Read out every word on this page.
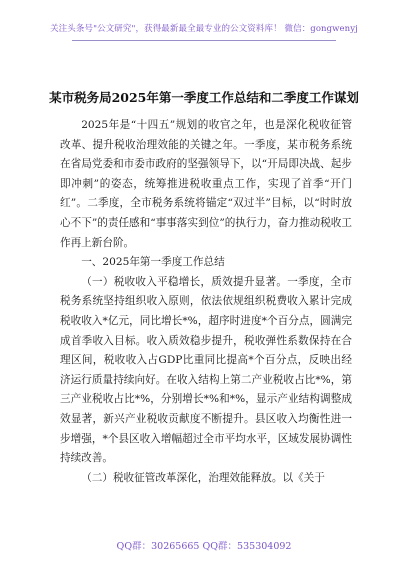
关注头条号"公文研究"，获得最新最全最专业的公文资料库！ 微信：gongwenyj
某市税务局2025年第一季度工作总结和二季度工作谋划

2025年是“十四五”规划的收官之年，也是深化税收征管改革、提升税收治理效能的关键之年。一季度，某市税务系统在省局党委和市委市政府的坚强领导下，以“开局即决战、起步即冲刺”的姿态，统筹推进税收重点工作，实现了首季“开门红”。二季度，全市税务系统将锚定“双过半”目标，以“时时放心不下”的责任感和“事事落实到位”的执行力，奋力推动税收工作再上新台阶。

一、2025年第一季度工作总结

（一）税收收入平稳增长，质效提升显著。一季度，全市税务系统坚持组织收入原则，依法依规组织税费收入累计完成税收收入*亿元，同比增长*%，超序时进度*个百分点，圆满完成首季收入目标。收入质效稳步提升，税收弹性系数保持在合理区间，税收收入占GDP比重同比提高*个百分点，反映出经济运行质量持续向好。在收入结构上第二产业税收占比*%，第三产业税收占比*%，分别增长*%和*%，显示产业结构调整成效显著，新兴产业税收贡献度不断提升。县区收入均衡性进一步增强，*个县区收入增幅超过全市平均水平，区域发展协调性持续改善。

（二）税收征管改革深化，治理效能释放。以《关于

QQ群：30265665 QQ群：535304092
